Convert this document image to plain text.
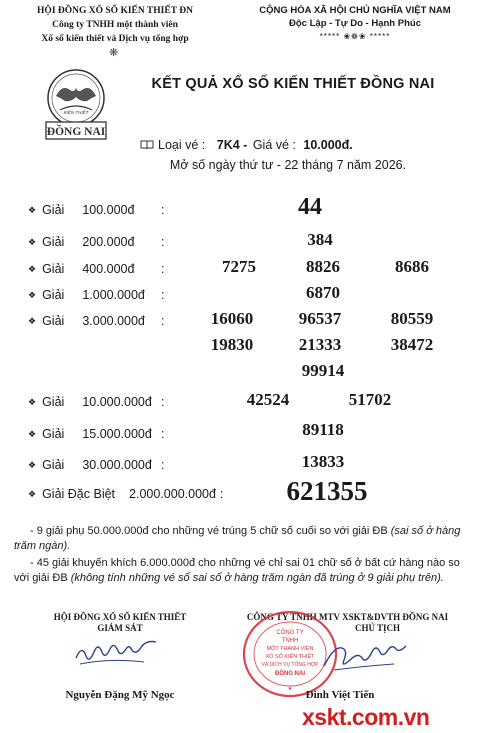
HỘI ĐỒNG XỔ SỐ KIẾN THIẾT ĐN
Công ty TNHH một thành viên
Xổ số kiến thiết và Dịch vụ tổng hợp
❋
CỘNG HÒA XÃ HỘI CHỦ NGHĨA VIỆT NAM
Độc Lập - Tự Do - Hạnh Phúc
***** ❀❁❀ *****
KIẾN THIẾT
ĐỒNG NAI
KẾT QUẢ XỔ SỐ KIẾN THIẾT ĐỒNG NAI
Loại vé : 7K4 - Giá vé : 10.000đ.
Mở số ngày thứ tư - 22 tháng 7 năm 2026.
❖ Giải 100.000đ :	44
❖ Giải 200.000đ :	384
❖ Giải 400.000đ :	7275	8826	8686
❖ Giải 1.000.000đ :	6870
❖ Giải 3.000.000đ :	16060	96537	80559
19830	21333	38472
99914
❖ Giải 10.000.000đ :	42524	51702
❖ Giải 15.000.000đ :	89118
❖ Giải 30.000.000đ :	13833
❖ Giải Đặc Biệt 2.000.000.000đ :	621355
- 9 giải phụ 50.000.000đ cho những vé trúng 5 chữ số cuối so với giải ĐB (sai số ở hàng trăm ngàn).
- 45 giải khuyến khích 6.000.000đ cho những vé chỉ sai 01 chữ số ở bất cứ hàng nào so với giải ĐB (không tính những vé số sai số ở hàng trăm ngàn đã trúng ở 9 giải phụ trên).
HỘI ĐỒNG XỔ SỐ KIẾN THIẾT
GIÁM SÁT
Nguyễn Đặng Mỹ Ngọc
CÔNG TY TNHH MTV XSKT&DVTH ĐỒNG NAI
CHỦ TỊCH
CÔNG TY
TNHH
MỘT THÀNH VIÊN
XỔ SỐ KIẾN THIẾT
VÀ DỊCH VỤ TỔNG HỢP
ĐỒNG NAI
★	Đinh Việt Tiến
xskt.com.vn
